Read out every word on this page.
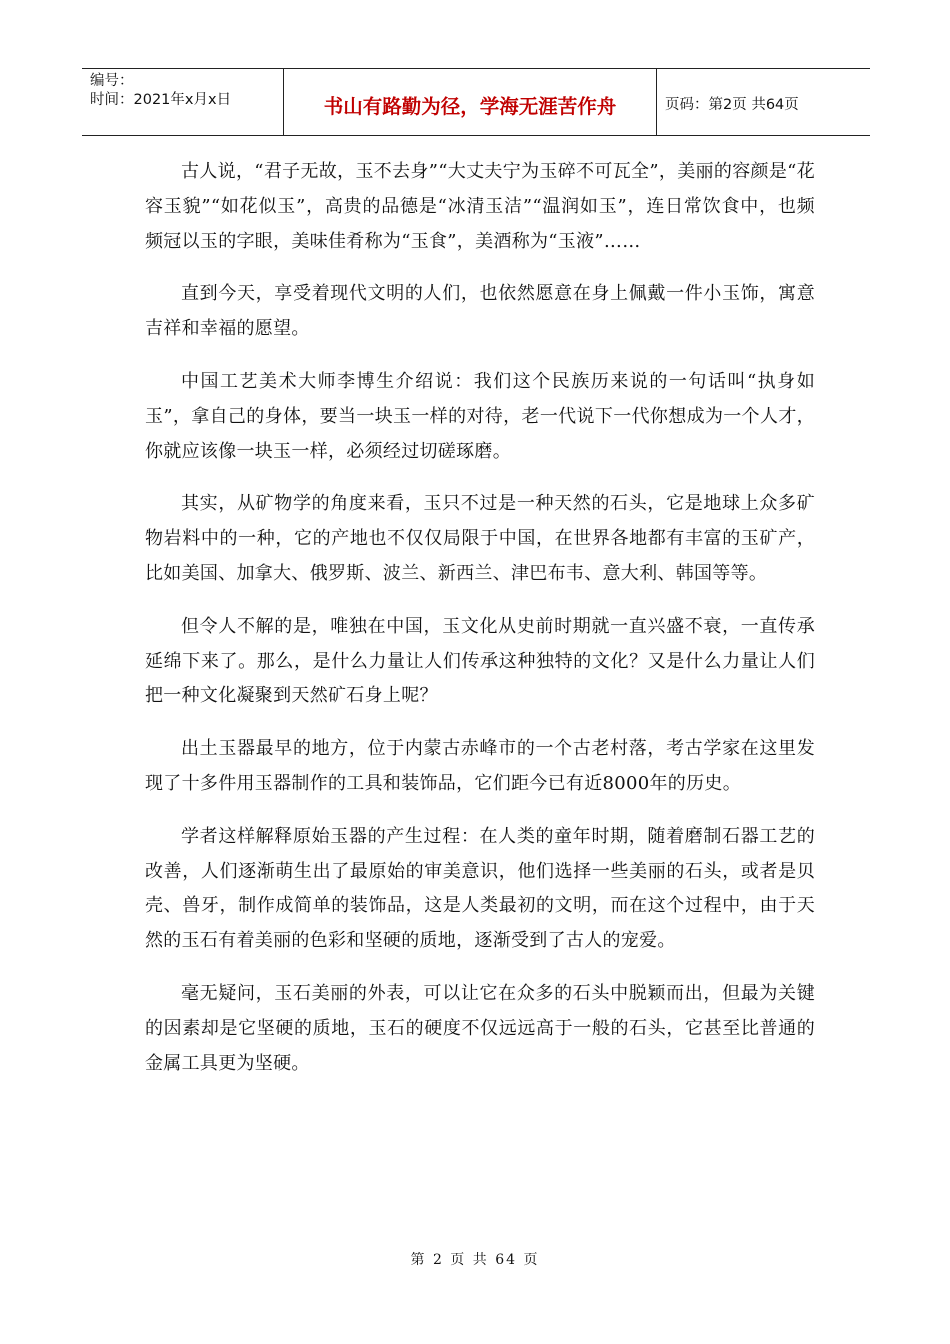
编号：
时间：2021年x月x日	书山有路勤为径，学海无涯苦作舟	页码：第2页 共64页

古人说，“君子无故，玉不去身”“大丈夫宁为玉碎不可瓦全”，美丽的容颜是“花容玉貌”“如花似玉”，高贵的品德是“冰清玉洁”“温润如玉”，连日常饮食中，也频频冠以玉的字眼，美味佳肴称为“玉食”，美酒称为“玉液”……

直到今天，享受着现代文明的人们，也依然愿意在身上佩戴一件小玉饰，寓意吉祥和幸福的愿望。

中国工艺美术大师李博生介绍说：我们这个民族历来说的一句话叫“执身如玉”，拿自己的身体，要当一块玉一样的对待，老一代说下一代你想成为一个人才，你就应该像一块玉一样，必须经过切磋琢磨。

其实，从矿物学的角度来看，玉只不过是一种天然的石头，它是地球上众多矿物岩料中的一种，它的产地也不仅仅局限于中国，在世界各地都有丰富的玉矿产，比如美国、加拿大、俄罗斯、波兰、新西兰、津巴布韦、意大利、韩国等等。

但令人不解的是，唯独在中国，玉文化从史前时期就一直兴盛不衰，一直传承延绵下来了。那么，是什么力量让人们传承这种独特的文化？又是什么力量让人们把一种文化凝聚到天然矿石身上呢？

出土玉器最早的地方，位于内蒙古赤峰市的一个古老村落，考古学家在这里发现了十多件用玉器制作的工具和装饰品，它们距今已有近8000年的历史。

学者这样解释原始玉器的产生过程：在人类的童年时期，随着磨制石器工艺的改善，人们逐渐萌生出了最原始的审美意识，他们选择一些美丽的石头，或者是贝壳、兽牙，制作成简单的装饰品，这是人类最初的文明，而在这个过程中，由于天然的玉石有着美丽的色彩和坚硬的质地，逐渐受到了古人的宠爱。

毫无疑问，玉石美丽的外表，可以让它在众多的石头中脱颖而出，但最为关键的因素却是它坚硬的质地，玉石的硬度不仅远远高于一般的石头，它甚至比普通的金属工具更为坚硬。

第 2 页 共 64 页
